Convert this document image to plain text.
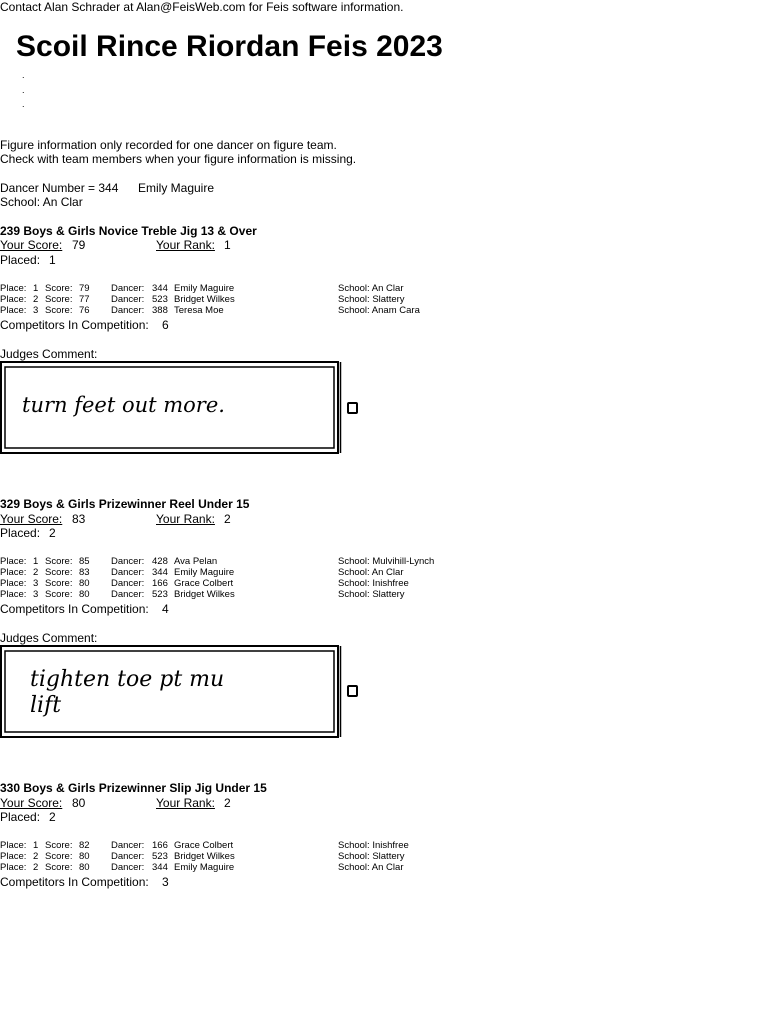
Contact Alan Schrader at Alan@FeisWeb.com for Feis software information.
Scoil Rince Riordan Feis 2023
.
.
.
Figure information only recorded for one dancer on figure team.
Check with team members when your figure information is missing.
Dancer Number = 344 Emily Maguire
School: An Clar
239 Boys & Girls Novice Treble Jig 13 & Over
Your Score: 79	Your Rank: 1
Placed: 1
Place: 1 Score: 79 Dancer: 344 Emily Maguire	School: An Clar
Place: 2 Score: 77 Dancer: 523 Bridget Wilkes	School: Slattery
Place: 3 Score: 76 Dancer: 388 Teresa Moe	School: Anam Cara
Competitors In Competition: 6
Judges Comment:
turn feet out more.
329 Boys & Girls Prizewinner Reel Under 15
Your Score: 83	Your Rank: 2
Placed: 2
Place: 1 Score: 85 Dancer: 428 Ava Pelan	School: Mulvihill-Lynch
Place: 2 Score: 83 Dancer: 344 Emily Maguire	School: An Clar
Place: 3 Score: 80 Dancer: 166 Grace Colbert	School: Inishfree
Place: 3 Score: 80 Dancer: 523 Bridget Wilkes	School: Slattery
Competitors In Competition: 4
Judges Comment:
tighten toe pt mu lift
330 Boys & Girls Prizewinner Slip Jig Under 15
Your Score: 80	Your Rank: 2
Placed: 2
Place: 1 Score: 82 Dancer: 166 Grace Colbert	School: Inishfree
Place: 2 Score: 80 Dancer: 523 Bridget Wilkes	School: Slattery
Place: 2 Score: 80 Dancer: 344 Emily Maguire	School: An Clar
Competitors In Competition: 3
